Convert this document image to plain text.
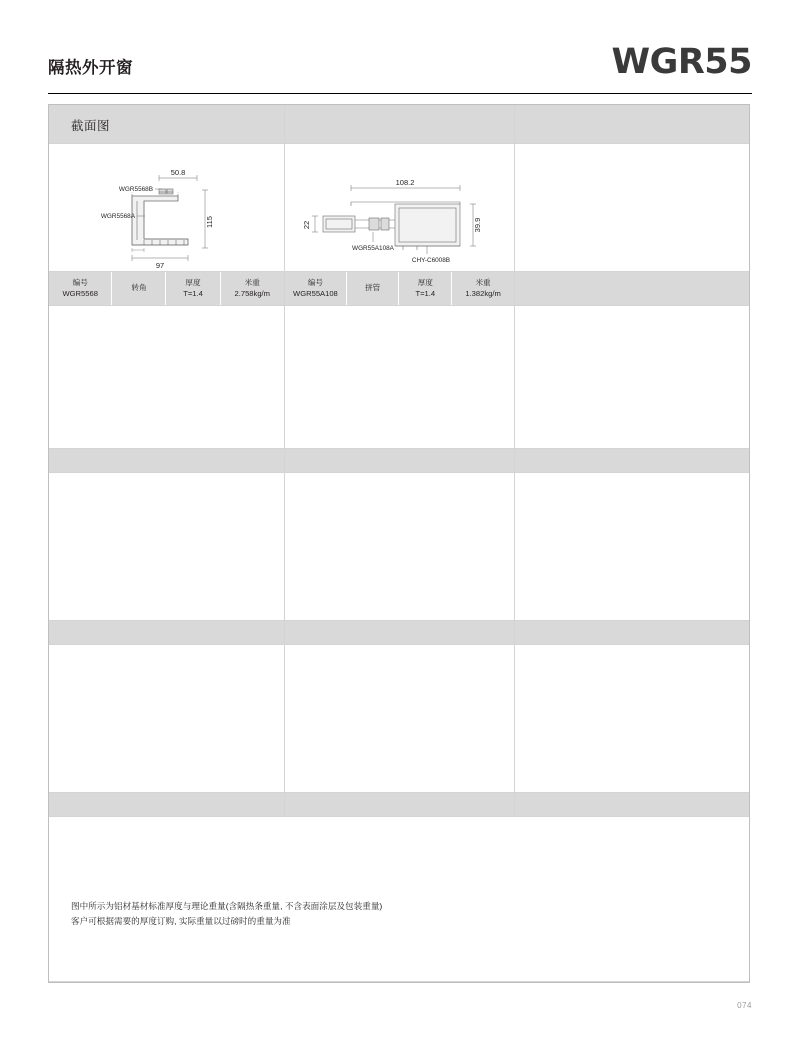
隔热外开窗	WGR55
截面图
50.8
115
97
WGR5568B
WGR5568A
108.2
39.9
22
WGR55A108A
CHY-C6008B
编号
WGR5568
转角
厚度
T=1.4
米重
2.758kg/m
编号
WGR55A108
拼管
厚度
T=1.4
米重
1.382kg/m
图中所示为铝材基材标准厚度与理论重量(含隔热条重量, 不含表面涂层及包装重量)
客户可根据需要的厚度订购, 实际重量以过磅时的重量为准
074
